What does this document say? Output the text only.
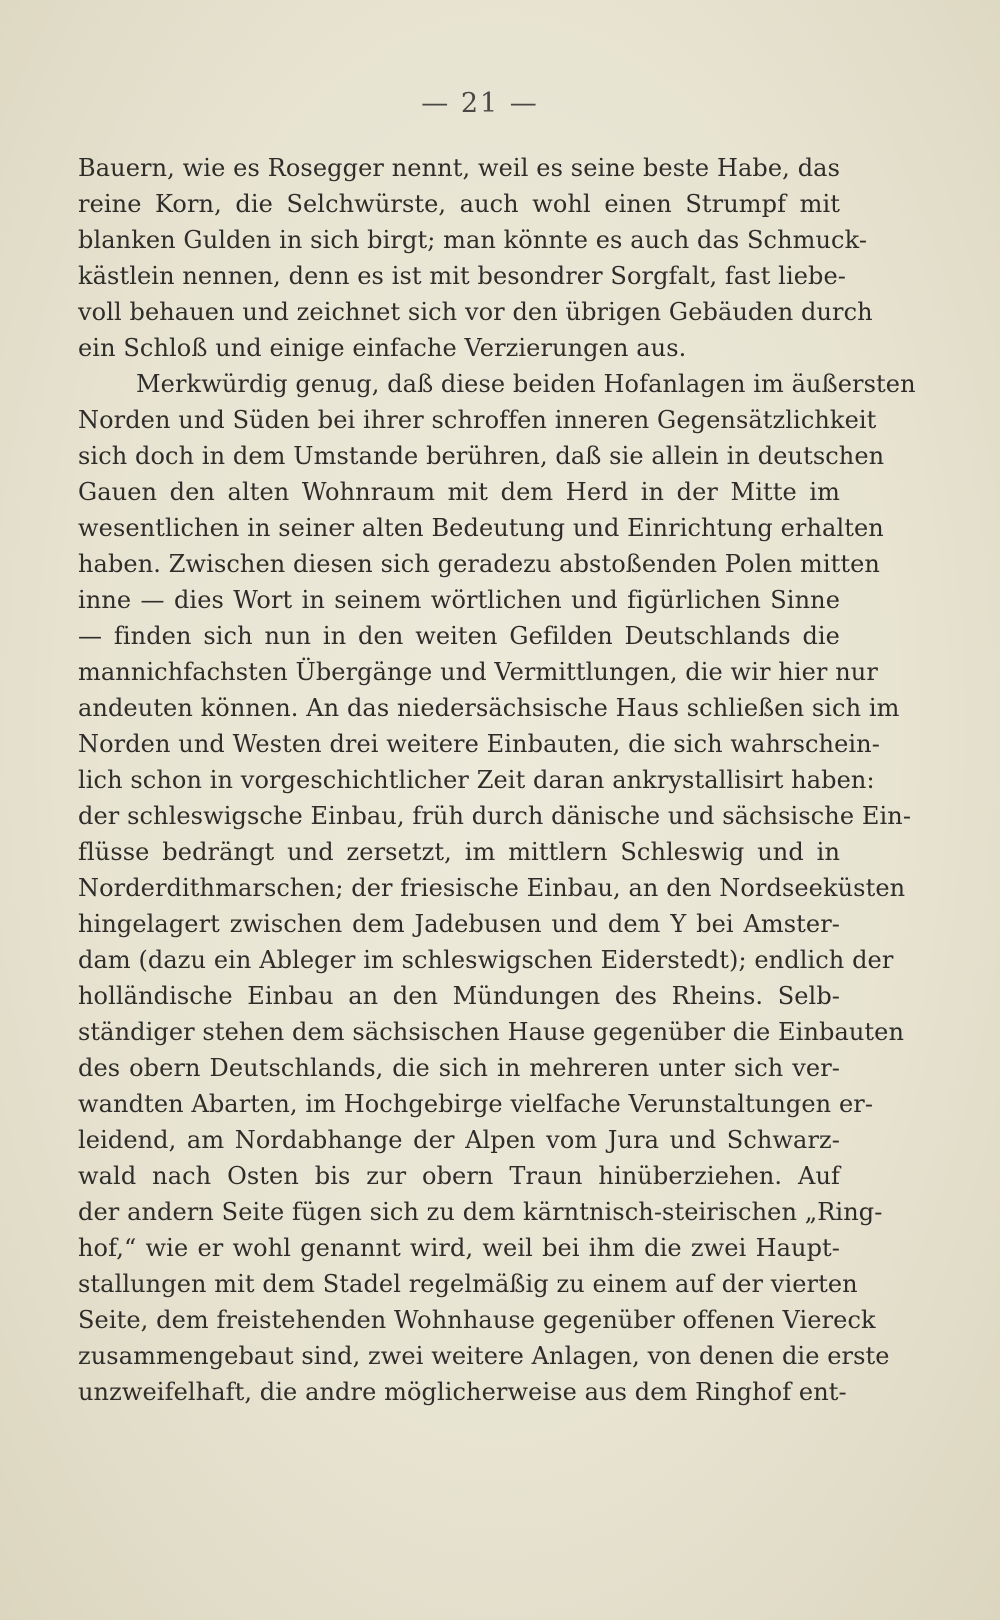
— 21 —
Bauern, wie es Rosegger nennt, weil es seine beste Habe, das
reine Korn, die Selchwürste, auch wohl einen Strumpf mit
blanken Gulden in sich birgt; man könnte es auch das Schmuck-
kästlein nennen, denn es ist mit besondrer Sorgfalt, fast liebe-
voll behauen und zeichnet sich vor den übrigen Gebäuden durch
ein Schloß und einige einfache Verzierungen aus.
Merkwürdig genug, daß diese beiden Hofanlagen im äußersten
Norden und Süden bei ihrer schroffen inneren Gegensätzlichkeit
sich doch in dem Umstande berühren, daß sie allein in deutschen
Gauen den alten Wohnraum mit dem Herd in der Mitte im
wesentlichen in seiner alten Bedeutung und Einrichtung erhalten
haben. Zwischen diesen sich geradezu abstoßenden Polen mitten
inne — dies Wort in seinem wörtlichen und figürlichen Sinne
— finden sich nun in den weiten Gefilden Deutschlands die
mannichfachsten Übergänge und Vermittlungen, die wir hier nur
andeuten können. An das niedersächsische Haus schließen sich im
Norden und Westen drei weitere Einbauten, die sich wahrschein-
lich schon in vorgeschichtlicher Zeit daran ankrystallisirt haben:
der schleswigsche Einbau, früh durch dänische und sächsische Ein-
flüsse bedrängt und zersetzt, im mittlern Schleswig und in
Norderdithmarschen; der friesische Einbau, an den Nordseeküsten
hingelagert zwischen dem Jadebusen und dem Y bei Amster-
dam (dazu ein Ableger im schleswigschen Eiderstedt); endlich der
holländische Einbau an den Mündungen des Rheins. Selb-
ständiger stehen dem sächsischen Hause gegenüber die Einbauten
des obern Deutschlands, die sich in mehreren unter sich ver-
wandten Abarten, im Hochgebirge vielfache Verunstaltungen er-
leidend, am Nordabhange der Alpen vom Jura und Schwarz-
wald nach Osten bis zur obern Traun hinüberziehen. Auf
der andern Seite fügen sich zu dem kärntnisch-steirischen „Ring-
hof,“ wie er wohl genannt wird, weil bei ihm die zwei Haupt-
stallungen mit dem Stadel regelmäßig zu einem auf der vierten
Seite, dem freistehenden Wohnhause gegenüber offenen Viereck
zusammengebaut sind, zwei weitere Anlagen, von denen die erste
unzweifelhaft, die andre möglicherweise aus dem Ringhof ent-
